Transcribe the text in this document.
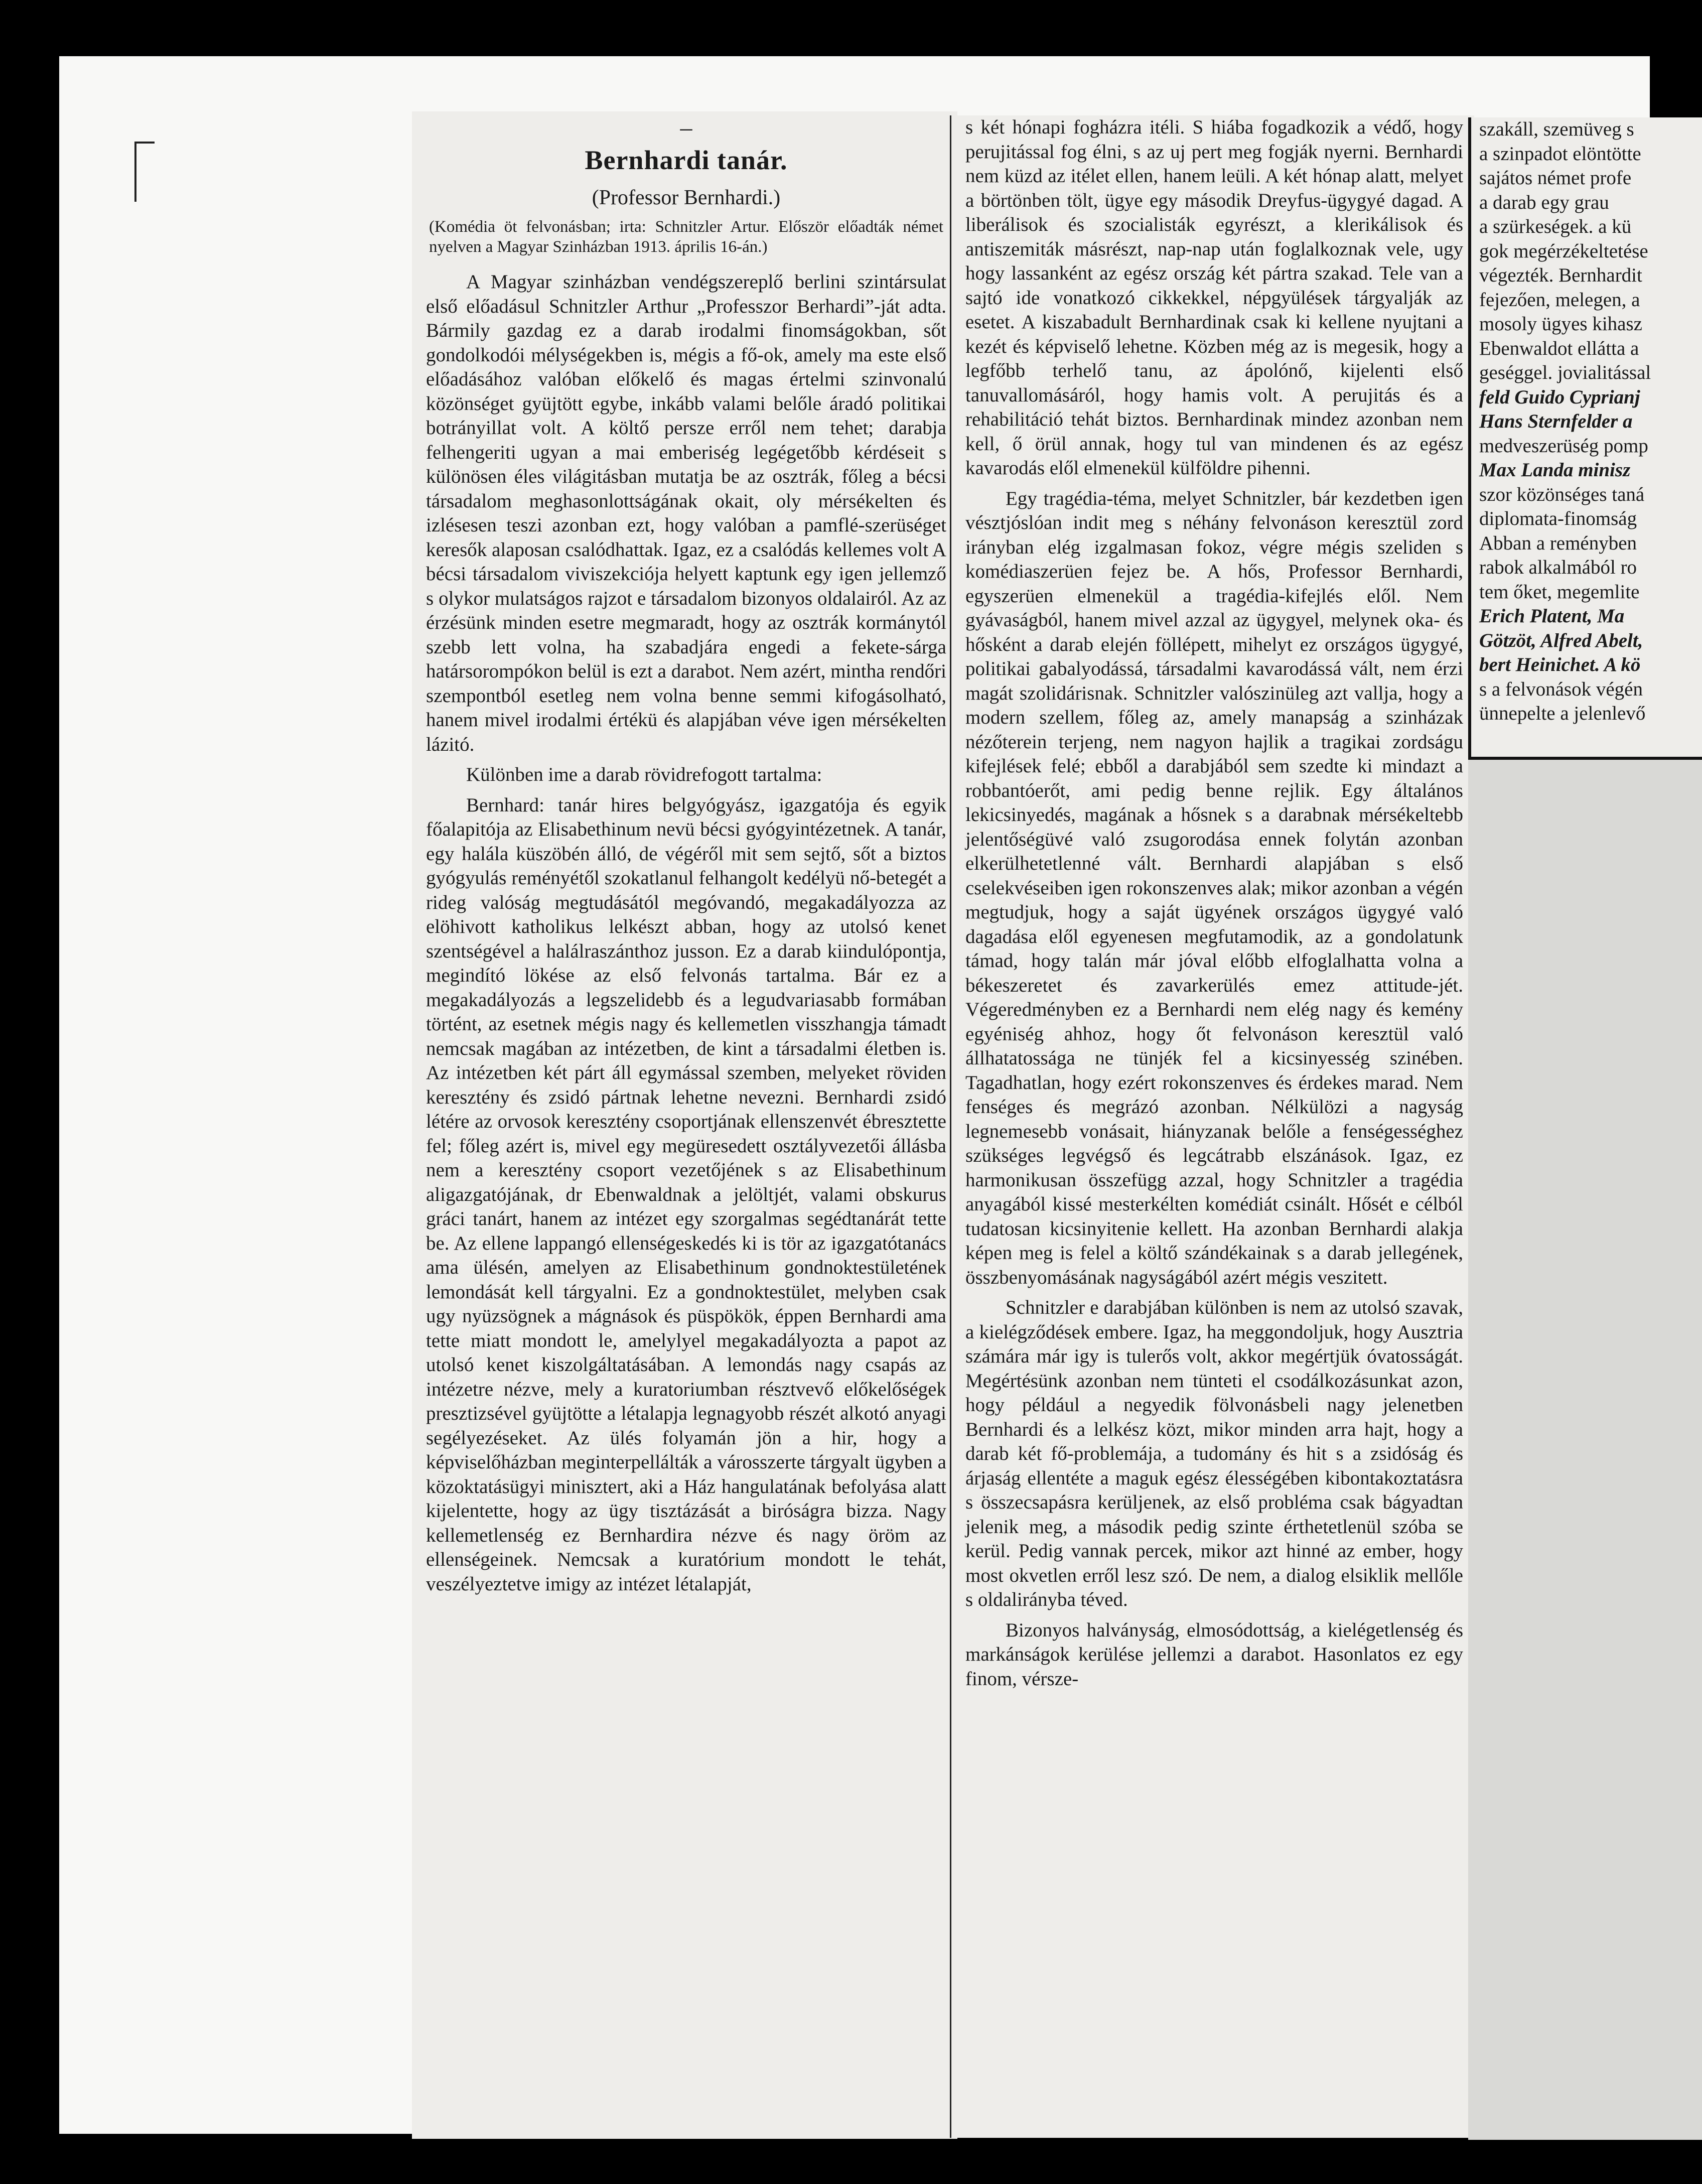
–
Bernhardi tanár.
(Professor Bernhardi.)
(Komédia öt felvonásban; irta: Schnitzler Artur. Először előadták német nyelven a Magyar Szinházban 1913. április 16-án.)

A Magyar szinházban vendégszereplő berlini szintársulat első előadásul Schnitzler Arthur „Professzor Berhardi”-ját adta. Bármily gazdag ez a darab irodalmi finomságokban, sőt gondolkodói mélységekben is, mégis a fő-ok, amely ma este első előadásához valóban előkelő és magas értelmi szinvonalú közönséget gyüjtött egybe, inkább valami belőle áradó politikai botrányillat volt. A költő persze erről nem tehet; darabja felhengeriti ugyan a mai emberiség legégetőbb kérdéseit s különösen éles világitásban mutatja be az osztrák, főleg a bécsi társadalom meghasonlottságának okait, oly mérsékelten és izlésesen teszi azonban ezt, hogy valóban a pamflé-szerüséget keresők alaposan csalódhattak. Igaz, ez a csalódás kellemes volt A bécsi társadalom viviszekciója helyett kaptunk egy igen jellemző s olykor mulatságos rajzot e társadalom bizonyos oldalairól. Az az érzésünk minden esetre megmaradt, hogy az osztrák kormánytól szebb lett volna, ha szabadjára engedi a fekete-sárga határsorompókon belül is ezt a darabot. Nem azért, mintha rendőri szempontból esetleg nem volna benne semmi kifogásolható, hanem mivel irodalmi értékü és alapjában véve igen mérsékelten lázitó.

Különben ime a darab rövidrefogott tartalma:

Bernhard: tanár hires belgyógyász, igazgatója és egyik főalapitója az Elisabethinum nevü bécsi gyógyintézetnek. A tanár, egy halála küszöbén álló, de végéről mit sem sejtő, sőt a biztos gyógyulás reményétől szokatlanul felhangolt kedélyü nő-betegét a rideg valóság megtudásától megóvandó, megakadályozza az elöhivott katholikus lelkészt abban, hogy az utolsó kenet szentségével a halálraszánthoz jusson. Ez a darab kiindulópontja, megindító lökése az első felvonás tartalma. Bár ez a megakadályozás a legszelidebb és a legudvariasabb formában történt, az esetnek mégis nagy és kellemetlen visszhangja támadt nemcsak magában az intézetben, de kint a társadalmi életben is. Az intézetben két párt áll egymással szemben, melyeket röviden keresztény és zsidó pártnak lehetne nevezni. Bernhardi zsidó létére az orvosok keresztény csoportjának ellenszenvét ébresztette fel; főleg azért is, mivel egy megüresedett osztályvezetői állásba nem a keresztény csoport vezetőjének s az Elisabethinum aligazgatójának, dr Ebenwaldnak a jelöltjét, valami obskurus gráci tanárt, hanem az intézet egy szorgalmas segédtanárát tette be. Az ellene lappangó ellenségeskedés ki is tör az igazgatótanács ama ülésén, amelyen az Elisabethinum gondnoktestületének lemondását kell tárgyalni. Ez a gondnoktestület, melyben csak ugy nyüzsögnek a mágnások és püspökök, éppen Bernhardi ama tette miatt mondott le, amelylyel megakadályozta a papot az utolsó kenet kiszolgáltatásában. A lemondás nagy csapás az intézetre nézve, mely a kuratoriumban résztvevő előkelőségek presztizsével gyüjtötte a létalapja legnagyobb részét alkotó anyagi segélyezéseket. Az ülés folyamán jön a hir, hogy a képviselőházban meginterpellálták a városszerte tárgyalt ügyben a közoktatásügyi minisztert, aki a Ház hangulatának befolyása alatt kijelentette, hogy az ügy tisztázását a biróságra bizza. Nagy kellemetlenség ez Bernhardira nézve és nagy öröm az ellenségeinek. Nemcsak a kuratórium mondott le tehát, veszélyeztetve imigy az intézet létalapját,

s két hónapi fogházra itéli. S hiába fogadkozik a védő, hogy perujitással fog élni, s az uj pert meg fogják nyerni. Bernhardi nem küzd az itélet ellen, hanem leüli. A két hónap alatt, melyet a börtönben tölt, ügye egy második Dreyfus-ügygyé dagad. A liberálisok és szocialisták egyrészt, a klerikálisok és antiszemiták másrészt, nap-nap után foglalkoznak vele, ugy hogy lassanként az egész ország két pártra szakad. Tele van a sajtó ide vonatkozó cikkekkel, népgyülések tárgyalják az esetet. A kiszabadult Bernhardinak csak ki kellene nyujtani a kezét és képviselő lehetne. Közben még az is megesik, hogy a legfőbb terhelő tanu, az ápolónő, kijelenti első tanuvallomásáról, hogy hamis volt. A perujitás és a rehabilitáció tehát biztos. Bernhardinak mindez azonban nem kell, ő örül annak, hogy tul van mindenen és az egész kavarodás elől elmenekül külföldre pihenni.

Egy tragédia-téma, melyet Schnitzler, bár kezdetben igen vésztjóslóan indit meg s néhány felvonáson keresztül zord irányban elég izgalmasan fokoz, végre mégis szeliden s komédiaszerüen fejez be. A hős, Professor Bernhardi, egyszerüen elmenekül a tragédia-kifejlés elől. Nem gyávaságból, hanem mivel azzal az ügygyel, melynek oka- és hősként a darab elején föllépett, mihelyt ez országos ügygyé, politikai gabalyodássá, társadalmi kavarodássá vált, nem érzi magát szolidárisnak. Schnitzler valószinüleg azt vallja, hogy a modern szellem, főleg az, amely manapság a szinházak nézőterein terjeng, nem nagyon hajlik a tragikai zordságu kifejlések felé; ebből a darabjából sem szedte ki mindazt a robbantóerőt, ami pedig benne rejlik. Egy általános lekicsinyedés, magának a hősnek s a darabnak mérsékeltebb jelentőségüvé való zsugorodása ennek folytán azonban elkerülhetetlenné vált. Bernhardi alapjában s első cselekvéseiben igen rokonszenves alak; mikor azonban a végén megtudjuk, hogy a saját ügyének országos ügygyé való dagadása elől egyenesen megfutamodik, az a gondolatunk támad, hogy talán már jóval előbb elfoglalhatta volna a békeszeretet és zavarkerülés emez attitude-jét. Végeredményben ez a Bernhardi nem elég nagy és kemény egyéniség ahhoz, hogy őt felvonáson keresztül való állhatatossága ne tünjék fel a kicsinyesség szinében. Tagadhatlan, hogy ezért rokonszenves és érdekes marad. Nem fenséges és megrázó azonban. Nélkülözi a nagyság legnemesebb vonásait, hiányzanak belőle a fenségességhez szükséges legvégső és legcátrabb elszánások. Igaz, ez harmonikusan összefügg azzal, hogy Schnitzler a tragédia anyagából kissé mesterkélten komédiát csinált. Hősét e célból tudatosan kicsinyitenie kellett. Ha azonban Bernhardi alakja képen meg is felel a költő szándékainak s a darab jellegének, összbenyomásának nagyságából azért mégis veszitett.

Schnitzler e darabjában különben is nem az utolsó szavak, a kielégződések embere. Igaz, ha meggondoljuk, hogy Ausztria számára már igy is tulerős volt, akkor megértjük óvatosságát. Megértésünk azonban nem tünteti el csodálkozásunkat azon, hogy például a negyedik fölvonásbeli nagy jelenetben Bernhardi és a lelkész közt, mikor minden arra hajt, hogy a darab két fő-problemája, a tudomány és hit s a zsidóság és árjaság ellentéte a maguk egész élességében kibontakoztatásra s összecsapásra kerüljenek, az első probléma csak bágyadtan jelenik meg, a második pedig szinte érthetetlenül szóba se kerül. Pedig vannak percek, mikor azt hinné az ember, hogy most okvetlen erről lesz szó. De nem, a dialog elsiklik mellőle s oldalirányba téved.

Bizonyos halványság, elmosódottság, a kielégetlenség és markánságok kerülése jellemzi a darabot. Hasonlatos ez egy finom, vérsze-

szakáll, szemüveg s
a szinpadot elöntötte
sajátos német profe
a darab egy grau
a szürkeségek. a kü
gok megérzékeltetése
végezték. Bernhardit
fejezően, melegen, a
mosoly ügyes kihasz
Ebenwaldot ellátta a
geséggel. jovialitással
feld Guido Cyprianj
Hans Sternfelder a
medveszerüség pomp
Max Landa minisz
szor közönséges taná
diplomata-finomság
Abban a reményben
rabok alkalmából ro
tem őket, megemlite
Erich Platent, Ma
Götzöt, Alfred Abelt,
bert Heinichet. A kö
s a felvonások végén
ünnepelte a jelenlevő
